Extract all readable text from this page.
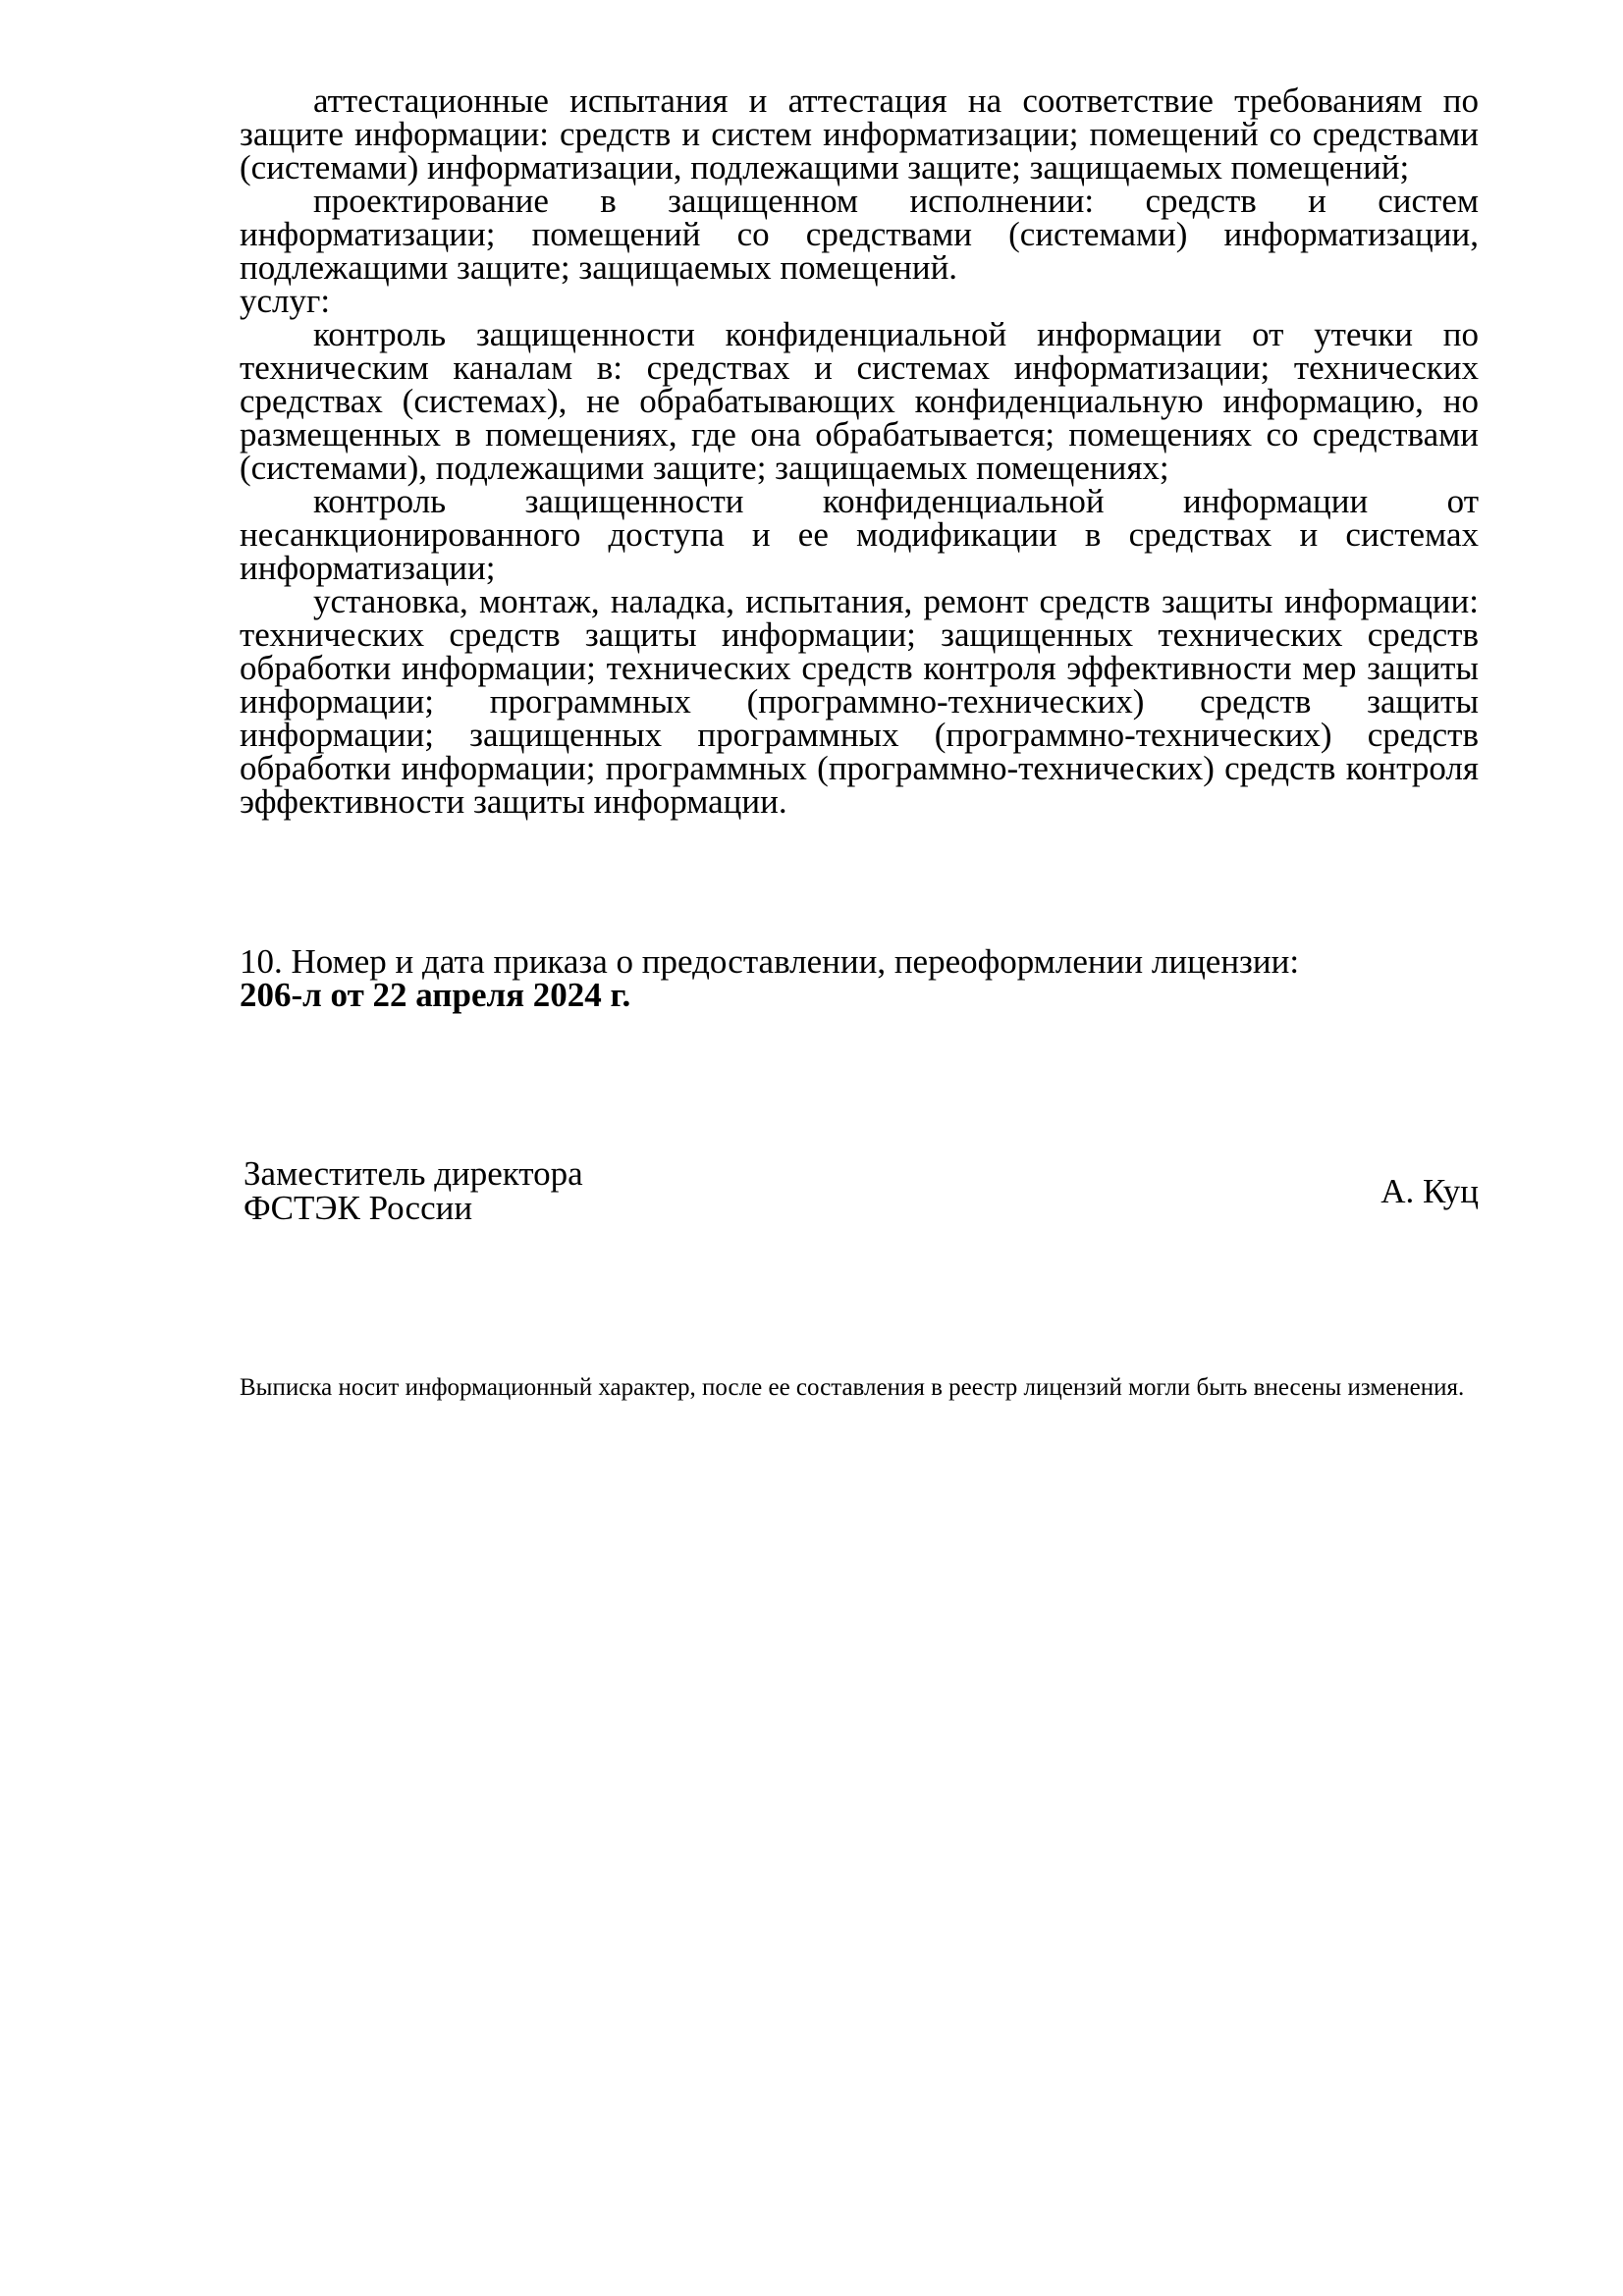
аттестационные испытания и аттестация на соответствие требованиям по защите информации: средств и систем информатизации; помещений со средствами (системами) информатизации, подлежащими защите; защищаемых помещений;

проектирование в защищенном исполнении: средств и систем информатизации; помещений со средствами (системами) информатизации, подлежащими защите; защищаемых помещений.

услуг:

контроль защищенности конфиденциальной информации от утечки по техническим каналам в: средствах и системах информатизации; технических средствах (системах), не обрабатывающих конфиденциальную информацию, но размещенных в помещениях, где она обрабатывается; помещениях со средствами (системами), подлежащими защите; защищаемых помещениях;

контроль защищенности конфиденциальной информации от несанкционированного доступа и ее модификации в средствах и системах информатизации;

установка, монтаж, наладка, испытания, ремонт средств защиты информации: технических средств защиты информации; защищенных технических средств обработки информации; технических средств контроля эффективности мер защиты информации; программных (программно-технических) средств защиты информации; защищенных программных (программно-технических) средств обработки информации; программных (программно-технических) средств контроля эффективности защиты информации.

10. Номер и дата приказа о предоставлении, переоформлении лицензии:
206-л от 22 апреля 2024 г.
Заместитель директора
ФСТЭК России	А. Куц
Выписка носит информационный характер, после ее составления в реестр лицензий могли быть внесены изменения.
